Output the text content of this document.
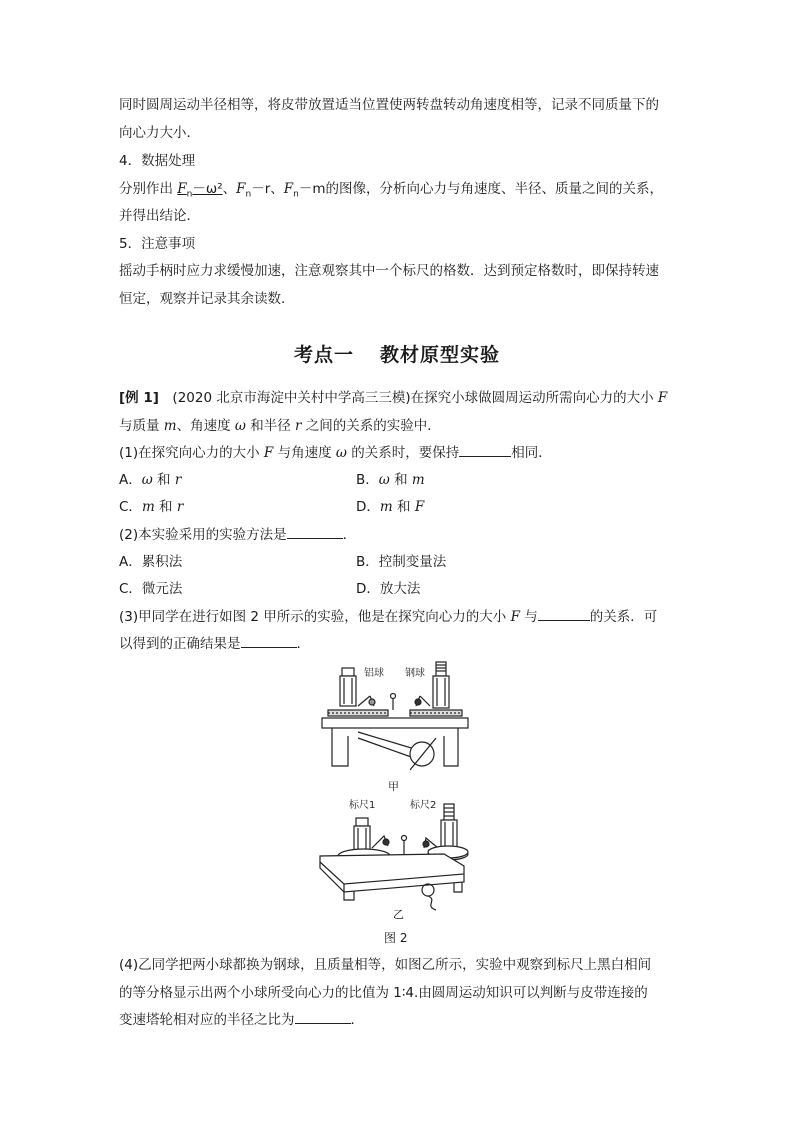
同时圆周运动半径相等，将皮带放置适当位置使两转盘转动角速度相等，记录不同质量下的
向心力大小．
4．数据处理
分别作出 $F_n-\omega^2$、$F_n-r$、$F_n-m$的图像，分析向心力与角速度、半径、质量之间的关系，
并得出结论．
5．注意事项
摇动手柄时应力求缓慢加速，注意观察其中一个标尺的格数．达到预定格数时，即保持转速
恒定，观察并记录其余读数．
考点一 教材原型实验
[例 1]　(2020 北京市海淀中关村中学高三三模)在探究小球做圆周运动所需向心力的大小 F
与质量 m、角速度 ω 和半径 r 之间的关系的实验中．
(1)在探究向心力的大小 F 与角速度 ω 的关系时，要保持	相同．
A．ω 和 r	B．ω 和 m
C．m 和 r	D．m 和 F
(2)本实验采用的实验方法是	．
A．累积法	B．控制变量法
C．微元法	D．放大法
(3)甲同学在进行如图 2 甲所示的实验，他是在探究向心力的大小 F 与	的关系．可
以得到的正确结果是	．
铝球 钢球
甲
标尺1	标尺2
乙
图 2
(4)乙同学把两小球都换为钢球，且质量相等，如图乙所示，实验中观察到标尺上黑白相间
的等分格显示出两个小球所受向心力的比值为 1∶4.由圆周运动知识可以判断与皮带连接的
变速塔轮相对应的半径之比为	．
